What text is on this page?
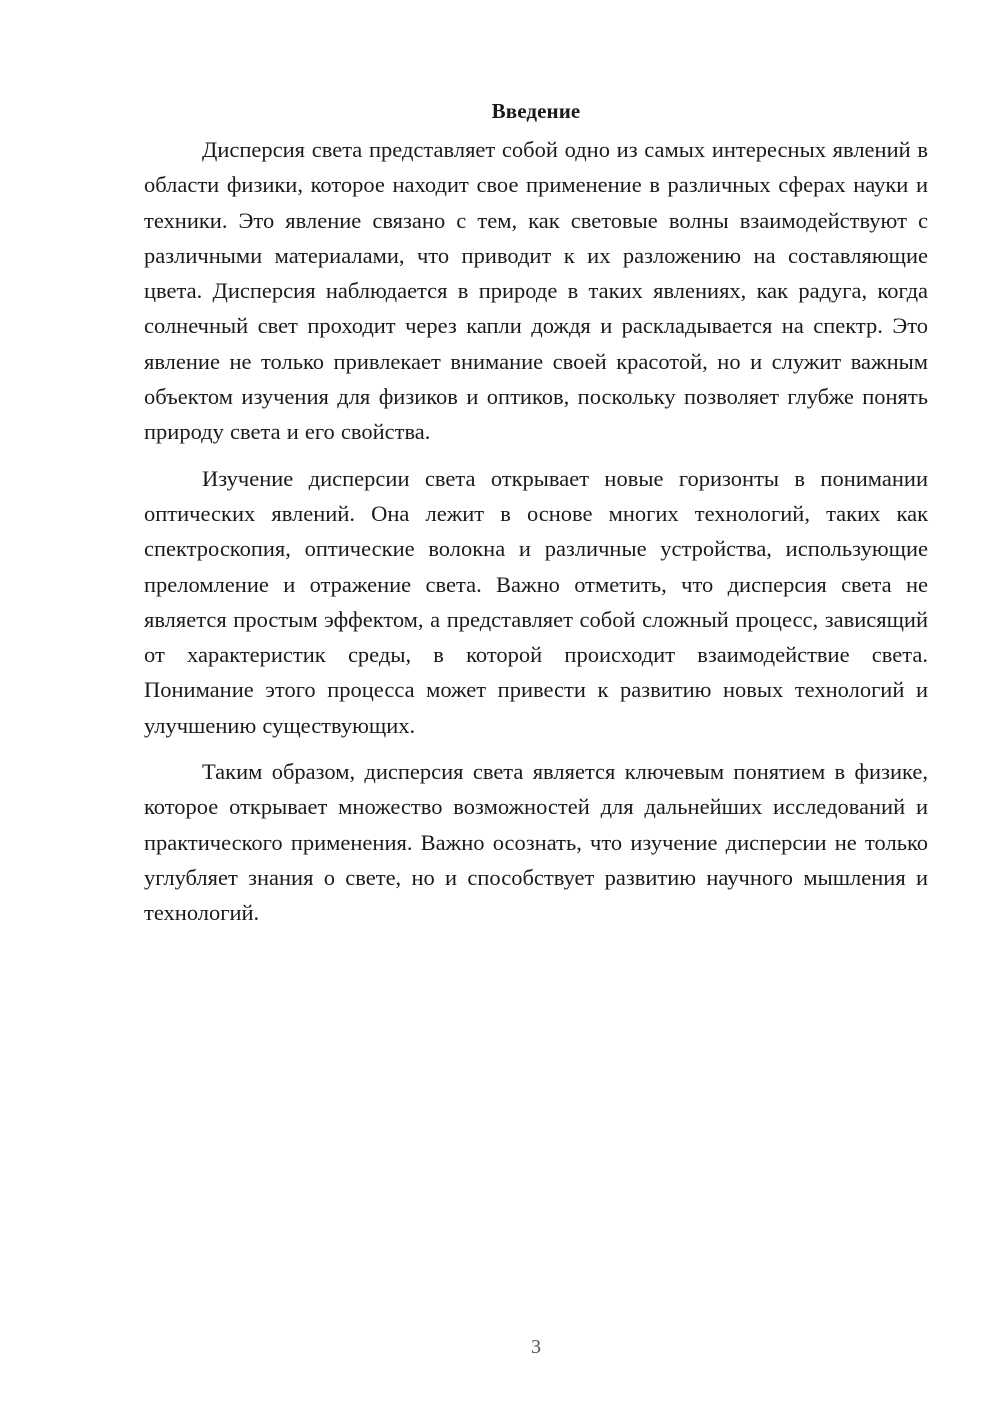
Введение

Дисперсия света представляет собой одно из самых интересных явлений в области физики, которое находит свое применение в различных сферах науки и техники. Это явление связано с тем, как световые волны взаимодействуют с различными материалами, что приводит к их разложению на составляющие цвета. Дисперсия наблюдается в природе в таких явлениях, как радуга, когда солнечный свет проходит через капли дождя и раскладывается на спектр. Это явление не только привлекает внимание своей красотой, но и служит важным объектом изучения для физиков и оптиков, поскольку позволяет глубже понять природу света и его свойства.

Изучение дисперсии света открывает новые горизонты в понимании оптических явлений. Она лежит в основе многих технологий, таких как спектроскопия, оптические волокна и различные устройства, использующие преломление и отражение света. Важно отметить, что дисперсия света не является простым эффектом, а представляет собой сложный процесс, зависящий от характеристик среды, в которой происходит взаимодействие света. Понимание этого процесса может привести к развитию новых технологий и улучшению существующих.

Таким образом, дисперсия света является ключевым понятием в физике, которое открывает множество возможностей для дальнейших исследований и практического применения. Важно осознать, что изучение дисперсии не только углубляет знания о свете, но и способствует развитию научного мышления и технологий.

3
